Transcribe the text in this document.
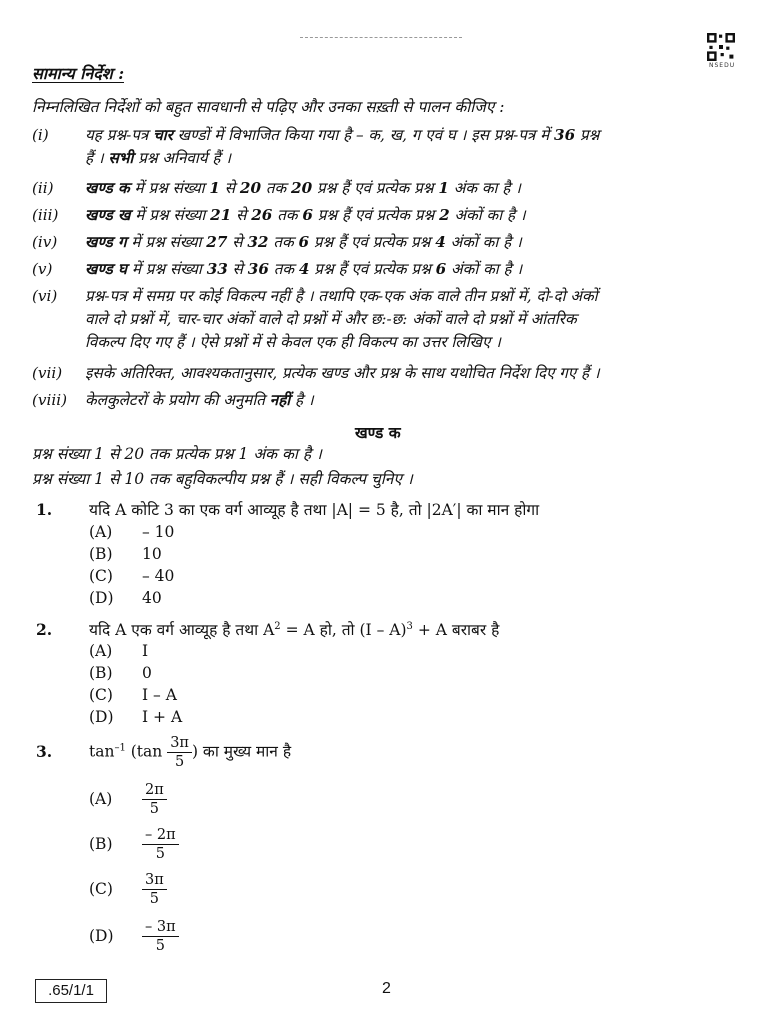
NSEDU
सामान्य निर्देश :
निम्नलिखित निर्देशों को बहुत सावधानी से पढ़िए और उनका सख़्ती से पालन कीजिए :
(i) यह प्रश्न-पत्र चार खण्डों में विभाजित किया गया है – क, ख, ग एवं घ । इस प्रश्न-पत्र में 36 प्रश्न
हैं । सभी प्रश्न अनिवार्य हैं ।
(ii) खण्ड क में प्रश्न संख्या 1 से 20 तक 20 प्रश्न हैं एवं प्रत्येक प्रश्न 1 अंक का है ।
(iii) खण्ड ख में प्रश्न संख्या 21 से 26 तक 6 प्रश्न हैं एवं प्रत्येक प्रश्न 2 अंकों का है ।
(iv) खण्ड ग में प्रश्न संख्या 27 से 32 तक 6 प्रश्न हैं एवं प्रत्येक प्रश्न 4 अंकों का है ।
(v) खण्ड घ में प्रश्न संख्या 33 से 36 तक 4 प्रश्न हैं एवं प्रत्येक प्रश्न 6 अंकों का है ।
(vi) प्रश्न-पत्र में समग्र पर कोई विकल्प नहीं है । तथापि एक-एक अंक वाले तीन प्रश्नों में, दो-दो अंकों
वाले दो प्रश्नों में, चार-चार अंकों वाले दो प्रश्नों में और छ:-छ: अंकों वाले दो प्रश्नों में आंतरिक
विकल्प दिए गए हैं । ऐसे प्रश्नों में से केवल एक ही विकल्प का उत्तर लिखिए ।
(vii) इसके अतिरिक्त, आवश्यकतानुसार, प्रत्येक खण्ड और प्रश्न के साथ यथोचित निर्देश दिए गए हैं ।
(viii) केलकुलेटरों के प्रयोग की अनुमति नहीं है ।
खण्ड क
प्रश्न संख्या 1 से 20 तक प्रत्येक प्रश्न 1 अंक का है ।
प्रश्न संख्या 1 से 10 तक बहुविकल्पीय प्रश्न हैं । सही विकल्प चुनिए ।
1. यदि A कोटि 3 का एक वर्ग आव्यूह है तथा |A| = 5 है, तो |2A′| का मान होगा
(A) – 10
(B) 10
(C) – 40
(D) 40
2. यदि A एक वर्ग आव्यूह है तथा $A^2 = A$ हो, तो (I – A)$^3$ + A बराबर है
(A) I
(B) 0
(C) I – A
(D) I + A
3. $\tan^{-1} (\tan \frac{3\pi}{5}$ ) का मुख्य मान है
$(A) \frac{2\pi}{5}$
$(B) \frac{- 2\pi}{5}$
$(C) \frac{3\pi}{5}$
$(D) \frac{- 3\pi}{5}$
.65/1/1	2
